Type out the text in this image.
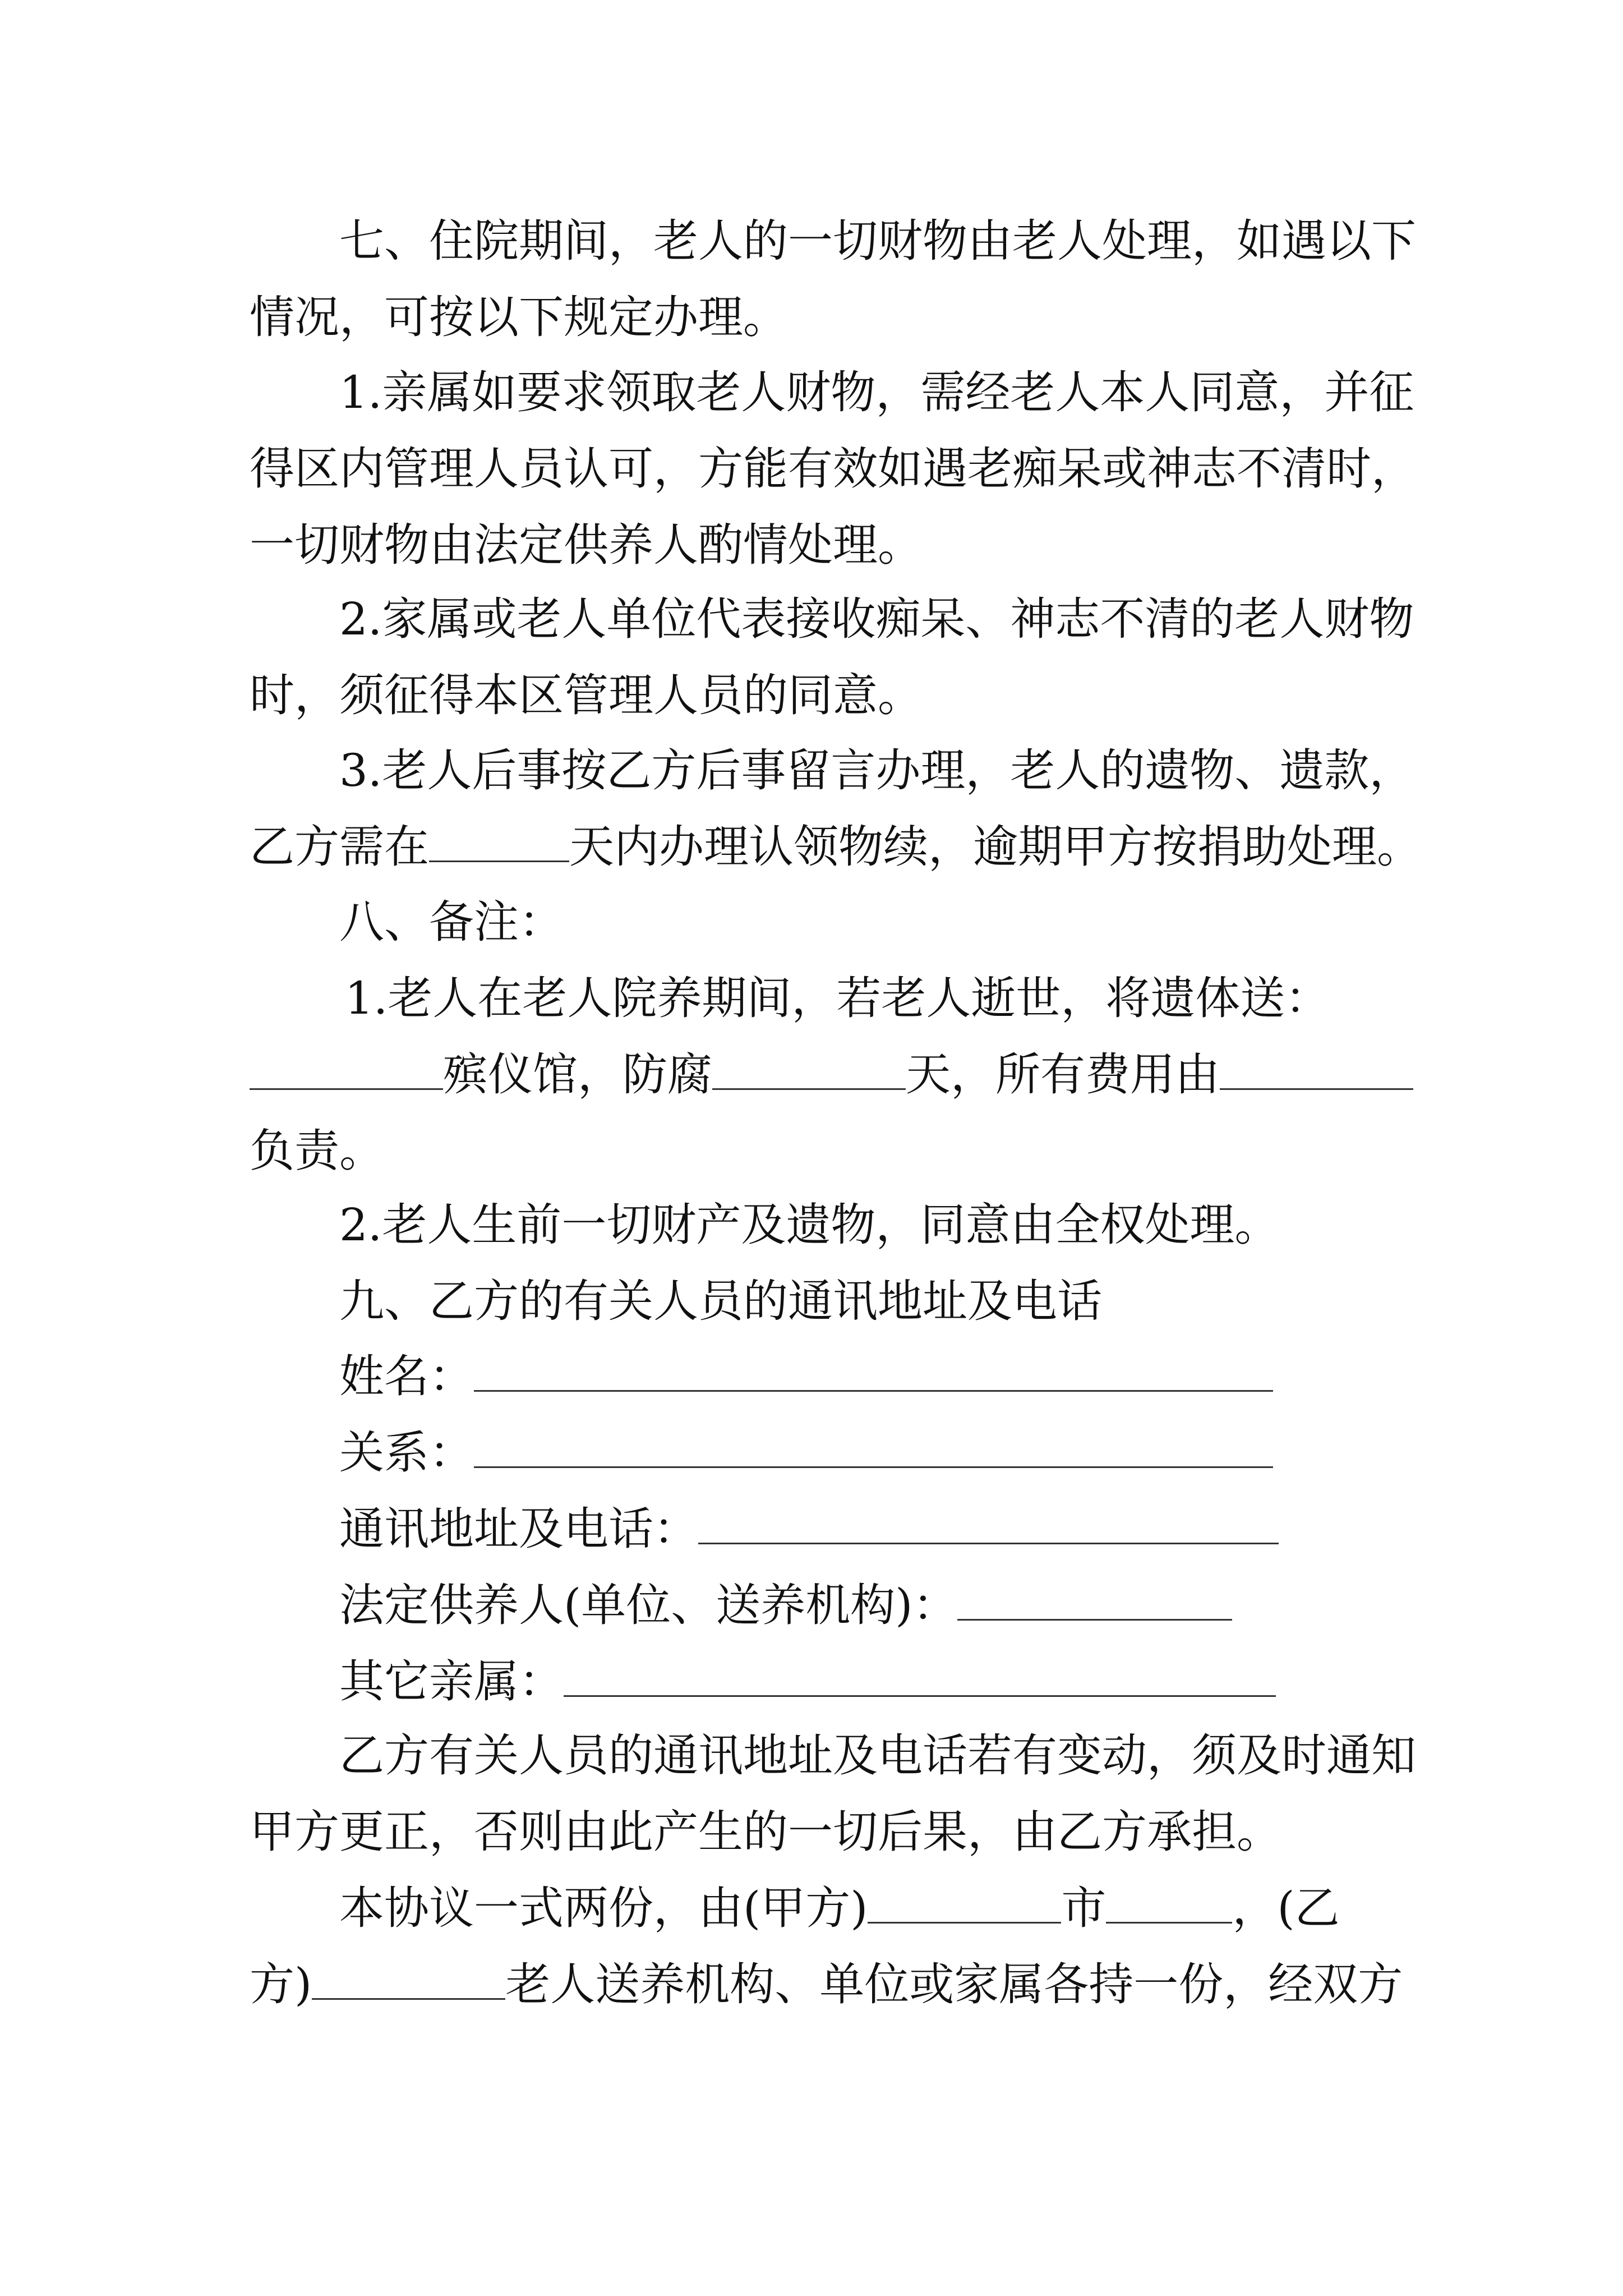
七、住院期间，老人的一切财物由老人处理，如遇以下
情况，可按以下规定办理。

1.亲属如要求领取老人财物，需经老人本人同意，并征
得区内管理人员认可，方能有效如遇老痴呆或神志不清时，
一切财物由法定供养人酌情处理。

2.家属或老人单位代表接收痴呆、神志不清的老人财物
时，须征得本区管理人员的同意。

3.老人后事按乙方后事留言办理，老人的遗物、遗款，
乙方需在	天内办理认领物续，逾期甲方按捐助处理。

八、备注：

1.老人在老人院养期间，若老人逝世，将遗体送：
殡仪馆，防腐	天，所有费用由
负责。

2.老人生前一切财产及遗物，同意由全权处理。

九、乙方的有关人员的通讯地址及电话

姓名：
关系：
通讯地址及电话：
法定供养人(单位、送养机构)：
其它亲属：

乙方有关人员的通讯地址及电话若有变动，须及时通知
甲方更正，否则由此产生的一切后果，由乙方承担。

本协议一式两份，由(甲方)	市	，(乙
方)	老人送养机构、单位或家属各持一份，经双方
